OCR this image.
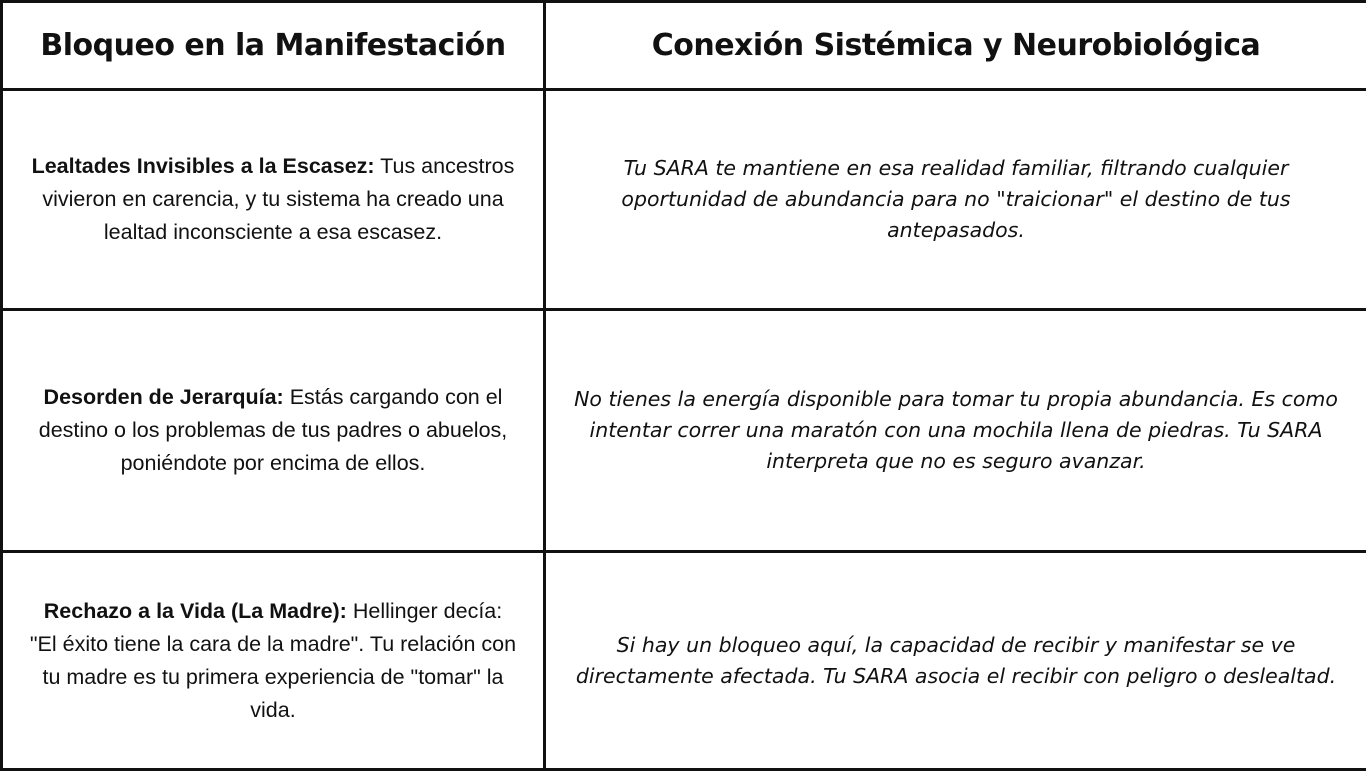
Bloqueo en la Manifestación	Conexión Sistémica y Neurobiológica
Lealtades Invisibles a la Escasez: Tus ancestros vivieron en carencia, y tu sistema ha creado una lealtad inconsciente a esa escasez.	Tu SARA te mantiene en esa realidad familiar, filtrando cualquier oportunidad de abundancia para no "traicionar" el destino de tus antepasados.
Desorden de Jerarquía: Estás cargando con el destino o los problemas de tus padres o abuelos, poniéndote por encima de ellos.	No tienes la energía disponible para tomar tu propia abundancia. Es como intentar correr una maratón con una mochila llena de piedras. Tu SARA interpreta que no es seguro avanzar.
Rechazo a la Vida (La Madre): Hellinger decía: "El éxito tiene la cara de la madre". Tu relación con tu madre es tu primera experiencia de "tomar" la vida.	Si hay un bloqueo aquí, la capacidad de recibir y manifestar se ve directamente afectada. Tu SARA asocia el recibir con peligro o deslealtad.
